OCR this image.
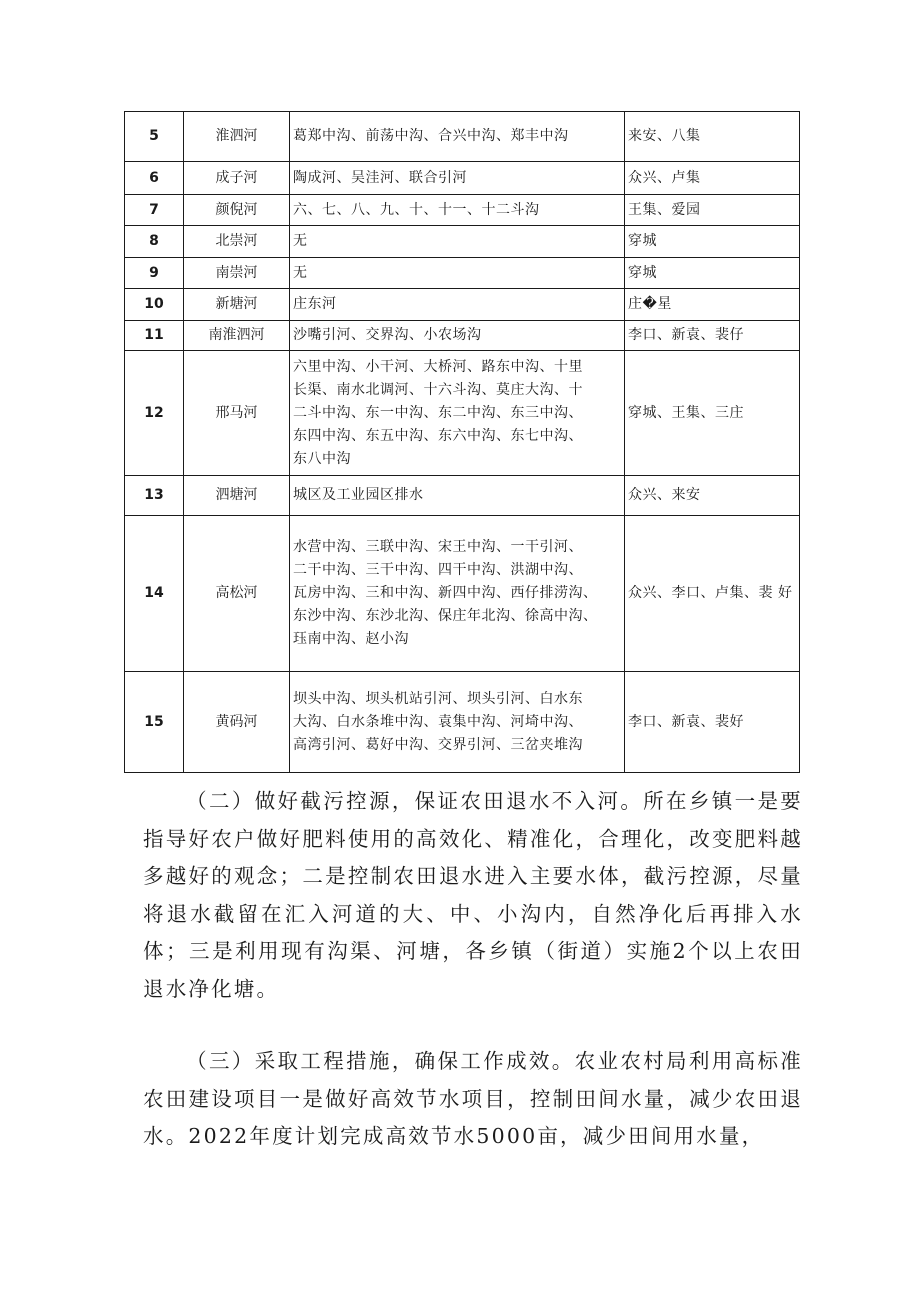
5	淮泗河	葛郑中沟、前荡中沟、合兴中沟、郑丰中沟	来安、八集
6	成子河	陶成河、吴洼河、联合引河	众兴、卢集
7	颜倪河	六、七、八、九、十、十一、十二斗沟	王集、爱园
8	北崇河	无	穿城
9	南崇河	无	穿城
10	新塘河	庄东河	庄�星
11	南淮泗河	沙嘴引河、交界沟、小农场沟	李口、新袁、裴仔
12	邢马河	六里中沟、小干河、大桥河、路东中沟、十里
长渠、南水北调河、十六斗沟、莫庄大沟、十
二斗中沟、东一中沟、东二中沟、东三中沟、
东四中沟、东五中沟、东六中沟、东七中沟、
东八中沟	穿城、王集、三庄
13	泗塘河	城区及工业园区排水	众兴、来安
14	高松河	水营中沟、三联中沟、宋王中沟、一干引河、
二干中沟、三干中沟、四干中沟、洪湖中沟、
瓦房中沟、三和中沟、新四中沟、西仔排涝沟、
东沙中沟、东沙北沟、保庄年北沟、徐高中沟、
珏南中沟、赵小沟	众兴、李口、卢集、裴 好
15	黄码河	坝头中沟、坝头机站引河、坝头引河、白水东
大沟、白水条堆中沟、袁集中沟、河埼中沟、
高湾引河、葛好中沟、交界引河、三岔夹堆沟	李口、新袁、裴好

（二）做好截污控源，保证农田退水不入河。所在乡镇一是要指导好农户做好肥料使用的高效化、精准化，合理化，改变肥料越多越好的观念；二是控制农田退水进入主要水体，截污控源，尽量将退水截留在汇入河道的大、中、小沟内，自然净化后再排入水体；三是利用现有沟渠、河塘，各乡镇（街道）实施2个以上农田退水净化塘。

（三）采取工程措施，确保工作成效。农业农村局利用高标准农田建设项目一是做好高效节水项目，控制田间水量，减少农田退水。2022年度计划完成高效节水5000亩，减少田间用水量，
